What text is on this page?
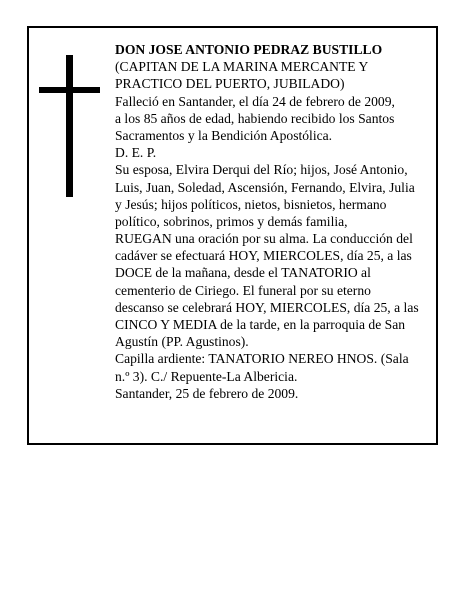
DON JOSE ANTONIO PEDRAZ BUSTILLO
(CAPITAN DE LA MARINA MERCANTE Y
PRACTICO DEL PUERTO, JUBILADO)
Falleció en Santander, el día 24 de febrero de 2009,
a los 85 años de edad, habiendo recibido los Santos
Sacramentos y la Bendición Apostólica.
D. E. P.
Su esposa, Elvira Derqui del Río; hijos, José Antonio,
Luis, Juan, Soledad, Ascensión, Fernando, Elvira, Julia
y Jesús; hijos políticos, nietos, bisnietos, hermano
político, sobrinos, primos y demás familia,
RUEGAN una oración por su alma. La conducción del
cadáver se efectuará HOY, MIERCOLES, día 25, a las
DOCE de la mañana, desde el TANATORIO al
cementerio de Ciriego. El funeral por su eterno
descanso se celebrará HOY, MIERCOLES, día 25, a las
CINCO Y MEDIA de la tarde, en la parroquia de San
Agustín (PP. Agustinos).
Capilla ardiente: TANATORIO NEREO HNOS. (Sala
n.º 3). C./ Repuente-La Albericia.
Santander, 25 de febrero de 2009.
